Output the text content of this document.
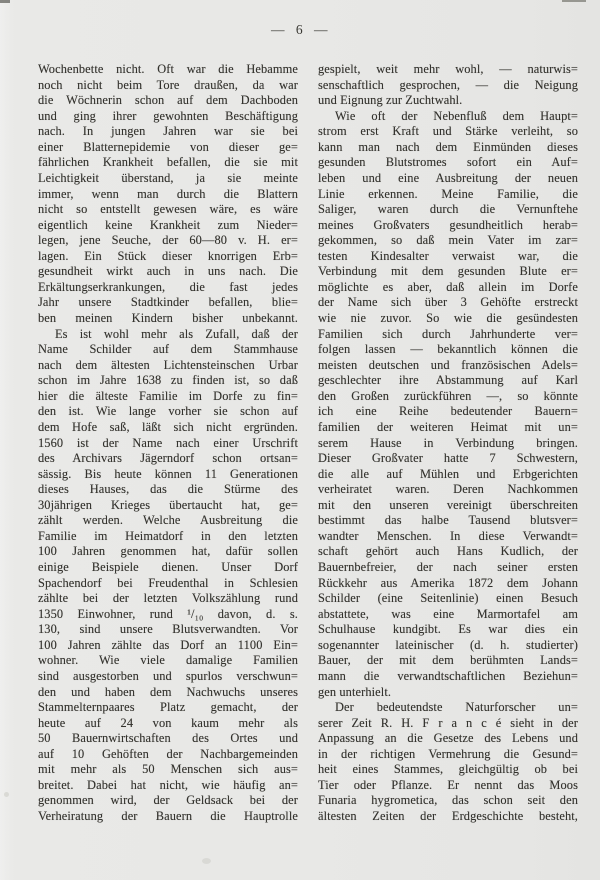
— 6 —
Wochenbette nicht. Oft war die Hebamme
noch nicht beim Tore draußen, da war
die Wöchnerin schon auf dem Dachboden
und ging ihrer gewohnten Beschäftigung
nach. In jungen Jahren war sie bei
einer Blatternepidemie von dieser ge=
fährlichen Krankheit befallen, die sie mit
Leichtigkeit überstand, ja sie meinte
immer, wenn man durch die Blattern
nicht so entstellt gewesen wäre, es wäre
eigentlich keine Krankheit zum Nieder=
legen, jene Seuche, der 60—80 v. H. er=
lagen. Ein Stück dieser knorrigen Erb=
gesundheit wirkt auch in uns nach. Die
Erkältungserkrankungen, die fast jedes
Jahr unsere Stadtkinder befallen, blie=
ben meinen Kindern bisher unbekannt.
Es ist wohl mehr als Zufall, daß der
Name Schilder auf dem Stammhause
nach dem ältesten Lichtensteinschen Urbar
schon im Jahre 1638 zu finden ist, so daß
hier die älteste Familie im Dorfe zu fin=
den ist. Wie lange vorher sie schon auf
dem Hofe saß, läßt sich nicht ergründen.
1560 ist der Name nach einer Urschrift
des Archivars Jägerndorf schon ortsan=
sässig. Bis heute können 11 Generationen
dieses Hauses, das die Stürme des
30jährigen Krieges übertaucht hat, ge=
zählt werden. Welche Ausbreitung die
Familie im Heimatdorf in den letzten
100 Jahren genommen hat, dafür sollen
einige Beispiele dienen. Unser Dorf
Spachendorf bei Freudenthal in Schlesien
zählte bei der letzten Volkszählung rund
1350 Einwohner, rund ¹/₁₀ davon, d. s.
130, sind unsere Blutsverwandten. Vor
100 Jahren zählte das Dorf an 1100 Ein=
wohner. Wie viele damalige Familien
sind ausgestorben und spurlos verschwun=
den und haben dem Nachwuchs unseres
Stammelternpaares Platz gemacht, der
heute auf 24 von kaum mehr als
50 Bauernwirtschaften des Ortes und
auf 10 Gehöften der Nachbargemeinden
mit mehr als 50 Menschen sich aus=
breitet. Dabei hat nicht, wie häufig an=
genommen wird, der Geldsack bei der
Verheiratung der Bauern die Hauptrolle
gespielt, weit mehr wohl, — naturwis=
senschaftlich gesprochen, — die Neigung
und Eignung zur Zuchtwahl.
Wie oft der Nebenfluß dem Haupt=
strom erst Kraft und Stärke verleiht, so
kann man nach dem Einmünden dieses
gesunden Blutstromes sofort ein Auf=
leben und eine Ausbreitung der neuen
Linie erkennen. Meine Familie, die
Saliger, waren durch die Vernunftehe
meines Großvaters gesundheitlich herab=
gekommen, so daß mein Vater im zar=
testen Kindesalter verwaist war, die
Verbindung mit dem gesunden Blute er=
möglichte es aber, daß allein im Dorfe
der Name sich über 3 Gehöfte erstreckt
wie nie zuvor. So wie die gesündesten
Familien sich durch Jahrhunderte ver=
folgen lassen — bekanntlich können die
meisten deutschen und französischen Adels=
geschlechter ihre Abstammung auf Karl
den Großen zurückführen —, so könnte
ich eine Reihe bedeutender Bauern=
familien der weiteren Heimat mit un=
serem Hause in Verbindung bringen.
Dieser Großvater hatte 7 Schwestern,
die alle auf Mühlen und Erbgerichten
verheiratet waren. Deren Nachkommen
mit den unseren vereinigt überschreiten
bestimmt das halbe Tausend blutsver=
wandter Menschen. In diese Verwandt=
schaft gehört auch Hans Kudlich, der
Bauernbefreier, der nach seiner ersten
Rückkehr aus Amerika 1872 dem Johann
Schilder (eine Seitenlinie) einen Besuch
abstattete, was eine Marmortafel am
Schulhause kundgibt. Es war dies ein
sogenannter lateinischer (d. h. studierter)
Bauer, der mit dem berühmten Lands=
mann die verwandtschaftlichen Beziehun=
gen unterhielt.
Der bedeutendste Naturforscher un=
serer Zeit R. H. F r a n c é sieht in der
Anpassung an die Gesetze des Lebens und
in der richtigen Vermehrung die Gesund=
heit eines Stammes, gleichgültig ob bei
Tier oder Pflanze. Er nennt das Moos
Funaria hygrometica, das schon seit den
ältesten Zeiten der Erdgeschichte besteht,
